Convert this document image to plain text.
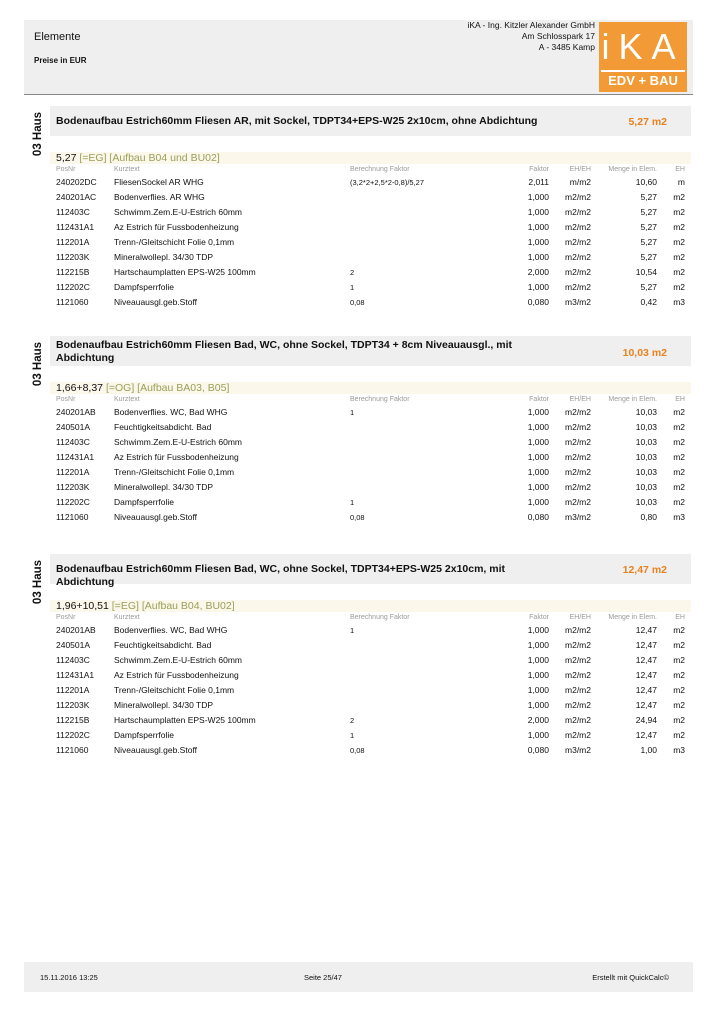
Elemente
Preise in EUR
iKA - Ing. Kitzler Alexander GmbH
Am Schlosspark 17
A - 3485 Kamp iKA
EDV + BAU
03 Haus Bodenaufbau Estrich60mm Fliesen AR, mit Sockel, TDPT34+EPS-W25 2x10cm, ohne Abdichtung	5,27 m2
5,27 [=EG] [Aufbau B04 und BU02]
PosNr	Kurztext	Berechnung Faktor	Faktor	EH/EH Menge in Elem.	EH
240202DC FliesenSockel AR WHG	(3,2*2+2,5*2-0,8)/5,27	2,011 m/m2	10,60 m
240201AC Bodenverflies. AR WHG	1,000 m2/m2	5,27 m2
112403C	Schwimm.Zem.E-U-Estrich 60mm	1,000 m2/m2	5,27 m2
112431A1 Az Estrich für Fussbodenheizung	1,000 m2/m2	5,27 m2
112201A	Trenn-/Gleitschicht Folie 0,1mm	1,000 m2/m2	5,27 m2
112203K	Mineralwollepl. 34/30 TDP	1,000 m2/m2	5,27 m2
112215B	Hartschaumplatten EPS-W25 100mm	2	2,000 m2/m2	10,54 m2
112202C	Dampfsperrfolie	1	1,000 m2/m2	5,27 m2
1121060	Niveauausgl.geb.Stoff	0,08	0,080 m3/m2	0,42 m3
03 Haus Bodenaufbau Estrich60mm Fliesen Bad, WC, ohne Sockel, TDPT34 + 8cm Niveauausgl., mit Abdichtung	10,03 m2
1,66+8,37 [=OG] [Aufbau BA03, B05]
PosNr	Kurztext	Berechnung Faktor	Faktor	EH/EH Menge in Elem.	EH
240201AB Bodenverflies. WC, Bad WHG	1	1,000 m2/m2	10,03 m2
240501A	Feuchtigkeitsabdicht. Bad	1,000 m2/m2	10,03 m2
112403C	Schwimm.Zem.E-U-Estrich 60mm	1,000 m2/m2	10,03 m2
112431A1 Az Estrich für Fussbodenheizung	1,000 m2/m2	10,03 m2
112201A	Trenn-/Gleitschicht Folie 0,1mm	1,000 m2/m2	10,03 m2
112203K	Mineralwollepl. 34/30 TDP	1,000 m2/m2	10,03 m2
112202C	Dampfsperrfolie	1	1,000 m2/m2	10,03 m2
1121060	Niveauausgl.geb.Stoff	0,08	0,080 m3/m2	0,80 m3
03 Haus Bodenaufbau Estrich60mm Fliesen Bad, WC, ohne Sockel, TDPT34+EPS-W25 2x10cm, mit Abdichtung
12,47 m2
1,96+10,51 [=EG] [Aufbau B04, BU02]
PosNr	Kurztext	Berechnung Faktor	Faktor	EH/EH Menge in Elem.	EH
240201AB Bodenverflies. WC, Bad WHG	1	1,000 m2/m2	12,47 m2
240501A	Feuchtigkeitsabdicht. Bad	1,000 m2/m2	12,47 m2
112403C	Schwimm.Zem.E-U-Estrich 60mm	1,000 m2/m2	12,47 m2
112431A1 Az Estrich für Fussbodenheizung	1,000 m2/m2	12,47 m2
112201A	Trenn-/Gleitschicht Folie 0,1mm	1,000 m2/m2	12,47 m2
112203K	Mineralwollepl. 34/30 TDP	1,000 m2/m2	12,47 m2
112215B	Hartschaumplatten EPS-W25 100mm	2	2,000 m2/m2	24,94 m2
112202C	Dampfsperrfolie	1	1,000 m2/m2	12,47 m2
1121060	Niveauausgl.geb.Stoff	0,08	0,080 m3/m2	1,00 m3
15.11.2016 13:25	Seite 25/47	Erstellt mit QuickCalc©
